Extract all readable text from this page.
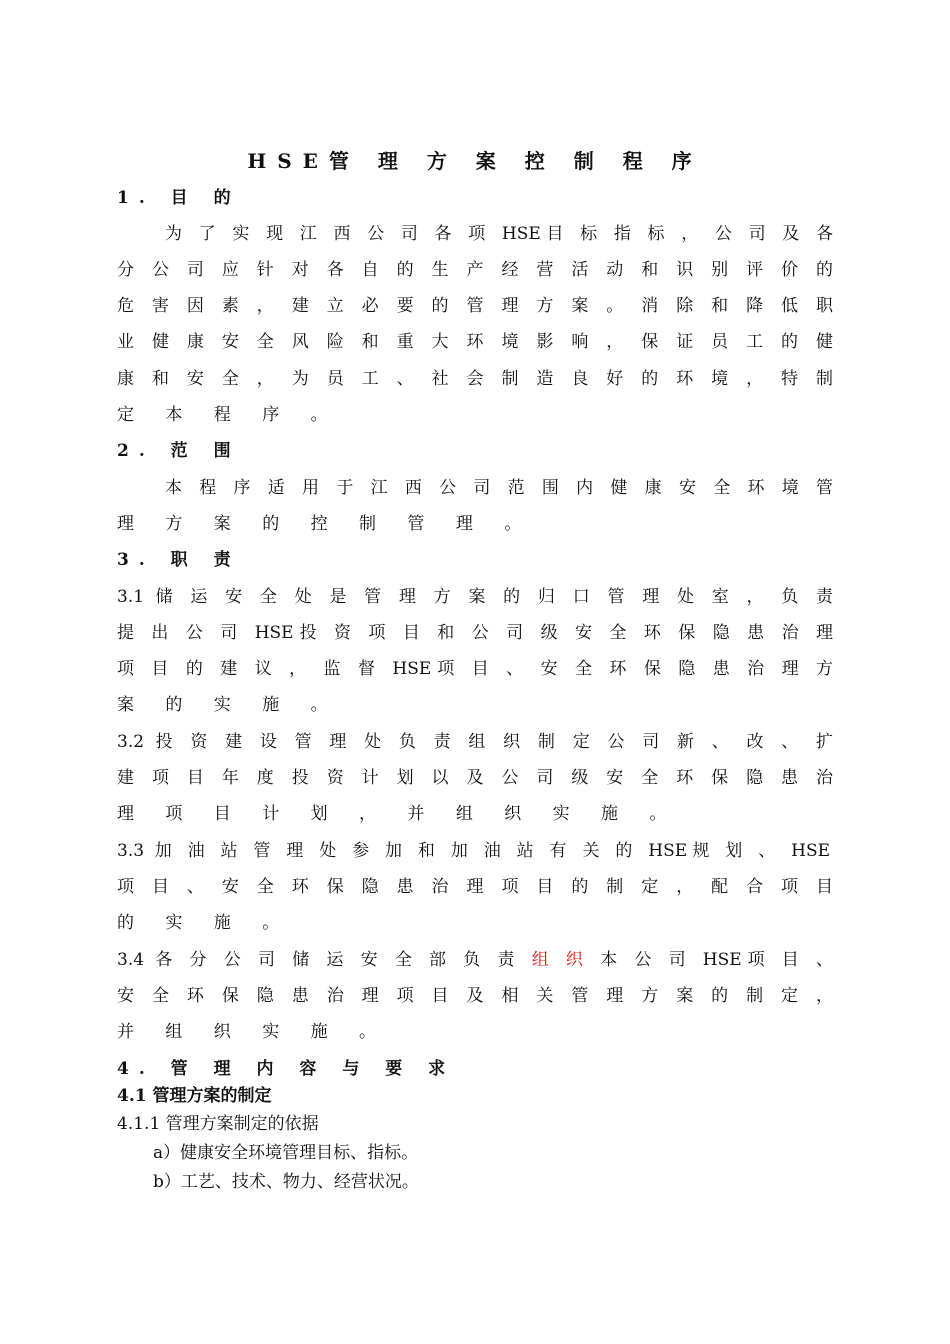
HSE管 理 方 案 控 制 程 序
1. 目 的
为 了 实 现 江 西 公 司 各 项 HSE目 标 指 标 ， 公 司 及 各
分 公 司 应 针 对 各 自 的 生 产 经 营 活 动 和 识 别 评 价 的
危 害 因 素 ， 建 立 必 要 的 管 理 方 案 。 消 除 和 降 低 职
业 健 康 安 全 风 险 和 重 大 环 境 影 响 ， 保 证 员 工 的 健
康 和 安 全 ， 为 员 工 、 社 会 制 造 良 好 的 环 境 ， 特 制
定 本 程 序 。
2. 范 围
本 程 序 适 用 于 江 西 公 司 范 围 内 健 康 安 全 环 境 管
理 方 案 的 控 制 管 理 。
3. 职 责
3.1 储 运 安 全 处 是 管 理 方 案 的 归 口 管 理 处 室 ， 负 责
提 出 公 司 HSE投 资 项 目 和 公 司 级 安 全 环 保 隐 患 治 理
项 目 的 建 议 ， 监 督 HSE项 目 、 安 全 环 保 隐 患 治 理 方
案 的 实 施 。
3.2 投 资 建 设 管 理 处 负 责 组 织 制 定 公 司 新 、 改 、 扩
建 项 目 年 度 投 资 计 划 以 及 公 司 级 安 全 环 保 隐 患 治
理 项 目 计 划 ， 并 组 织 实 施 。
3.3 加 油 站 管 理 处 参 加 和 加 油 站 有 关 的 HSE规 划 、 HSE
项 目 、 安 全 环 保 隐 患 治 理 项 目 的 制 定 ， 配 合 项 目
的 实 施 。
3.4 各 分 公 司 储 运 安 全 部 负 责 组 织 本 公 司 HSE项 目 、
安 全 环 保 隐 患 治 理 项 目 及 相 关 管 理 方 案 的 制 定 ，
并 组 织 实 施 。
4. 管 理 内 容 与 要 求
4.1 管理方案的制定
4.1.1 管理方案制定的依据
a）健康安全环境管理目标、指标。
b）工艺、技术、物力、经营状况。
